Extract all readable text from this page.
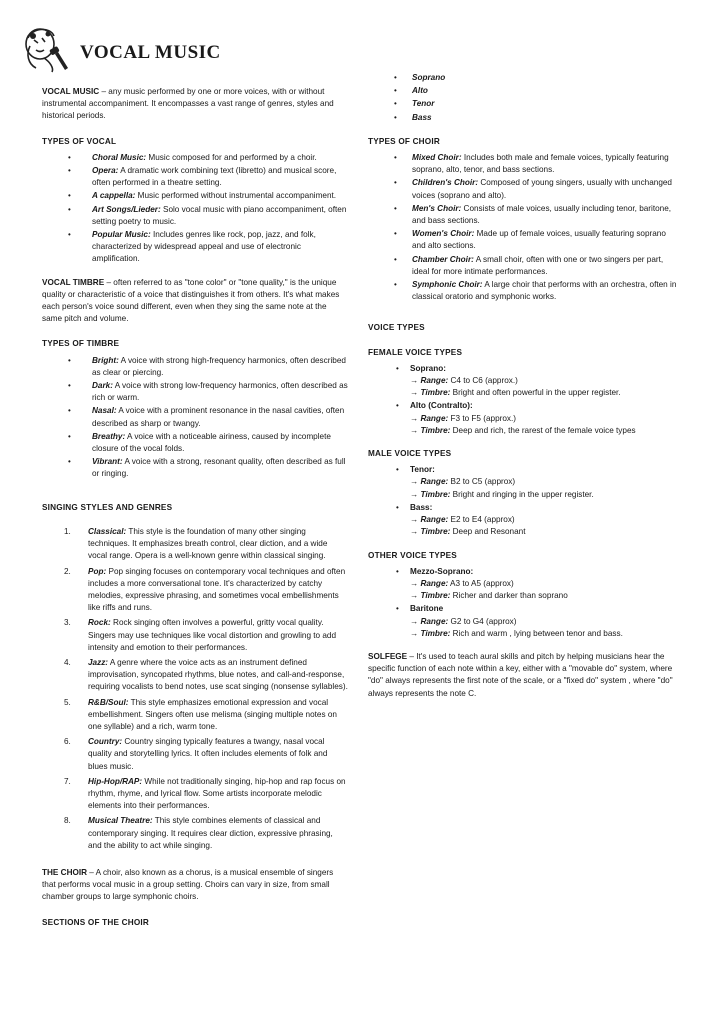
VOCAL MUSIC

VOCAL MUSIC – any music performed by one or more voices, with or without instrumental accompaniment. It encompasses a vast range of genres, styles and historical periods.

TYPES OF VOCAL
• Choral Music: Music composed for and performed by a choir.
• Opera: A dramatic work combining text (libretto) and musical score, often performed in a theatre setting.
• A cappella: Music performed without instrumental accompaniment.
• Art Songs/Lieder: Solo vocal music with piano accompaniment, often setting poetry to music.
• Popular Music: Includes genres like rock, pop, jazz, and folk, characterized by widespread appeal and use of electronic amplification.

VOCAL TIMBRE – often referred to as "tone color" or "tone quality," is the unique quality or characteristic of a voice that distinguishes it from others. It's what makes each person's voice sound different, even when they sing the same note at the same pitch and volume.

TYPES OF TIMBRE
• Bright: A voice with strong high-frequency harmonics, often described as clear or piercing.
• Dark: A voice with strong low-frequency harmonics, often described as rich or warm.
• Nasal: A voice with a prominent resonance in the nasal cavities, often described as sharp or twangy.
• Breathy: A voice with a noticeable airiness, caused by incomplete closure of the vocal folds.
• Vibrant: A voice with a strong, resonant quality, often described as full or ringing.
SINGING STYLES AND GENRES
1. Classical: This style is the foundation of many other singing techniques. It emphasizes breath control, clear diction, and a wide vocal range. Opera is a well-known genre within classical singing.
2. Pop: Pop singing focuses on contemporary vocal techniques and often includes a more conversational tone. It's characterized by catchy melodies, expressive phrasing, and sometimes vocal embellishments like riffs and runs.
3. Rock: Rock singing often involves a powerful, gritty vocal quality. Singers may use techniques like vocal distortion and growling to add intensity and emotion to their performances.
4. Jazz: A genre where the voice acts as an instrument defined improvisation, syncopated rhythms, blue notes, and call-and-response, requiring vocalists to bend notes, use scat singing (nonsense syllables).
5. R&B/Soul: This style emphasizes emotional expression and vocal embellishment. Singers often use melisma (singing multiple notes on one syllable) and a rich, warm tone.
6. Country: Country singing typically features a twangy, nasal vocal quality and storytelling lyrics. It often includes elements of folk and blues music.
7. Hip-Hop/RAP: While not traditionally singing, hip-hop and rap focus on rhythm, rhyme, and lyrical flow. Some artists incorporate melodic elements into their performances.
8. Musical Theatre: This style combines elements of classical and contemporary singing. It requires clear diction, expressive phrasing, and the ability to act while singing.

THE CHOIR – A choir, also known as a chorus, is a musical ensemble of singers that performs vocal music in a group setting. Choirs can vary in size, from small chamber groups to large symphonic choirs.

SECTIONS OF THE CHOIR
• Soprano
• Alto
• Tenor
• Bass
TYPES OF CHOIR
• Mixed Choir: Includes both male and female voices, typically featuring soprano, alto, tenor, and bass sections.
• Children's Choir: Composed of young singers, usually with unchanged voices (soprano and alto).
• Men's Choir: Consists of male voices, usually including tenor, baritone, and bass sections.
• Women's Choir: Made up of female voices, usually featuring soprano and alto sections.
• Chamber Choir: A small choir, often with one or two singers per part, ideal for more intimate performances.
• Symphonic Choir: A large choir that performs with an orchestra, often in classical oratorio and symphonic works.
VOICE TYPES
FEMALE VOICE TYPES
• Soprano:
→ Range: C4 to C6 (approx.)
→ Timbre: Bright and often powerful in the upper register.
• Alto (Contralto):
→ Range: F3 to F5 (approx.)
→ Timbre: Deep and rich, the rarest of the female voice types
MALE VOICE TYPES
• Tenor:
→ Range: B2 to C5 (approx)
→ Timbre: Bright and ringing in the upper register.
• Bass:
→ Range: E2 to E4 (approx)
→ Timbre: Deep and Resonant
OTHER VOICE TYPES
• Mezzo-Soprano:
→ Range: A3 to A5 (approx)
→ Timbre: Richer and darker than soprano
• Baritone
→ Range: G2 to G4 (approx)
→ Timbre: Rich and warm , lying between tenor and bass.

SOLFEGE – It's used to teach aural skills and pitch by helping musicians hear the specific function of each note within a key, either with a "movable do" system, where "do" always represents the first note of the scale, or a "fixed do" system , where "do" always represents the note C.
